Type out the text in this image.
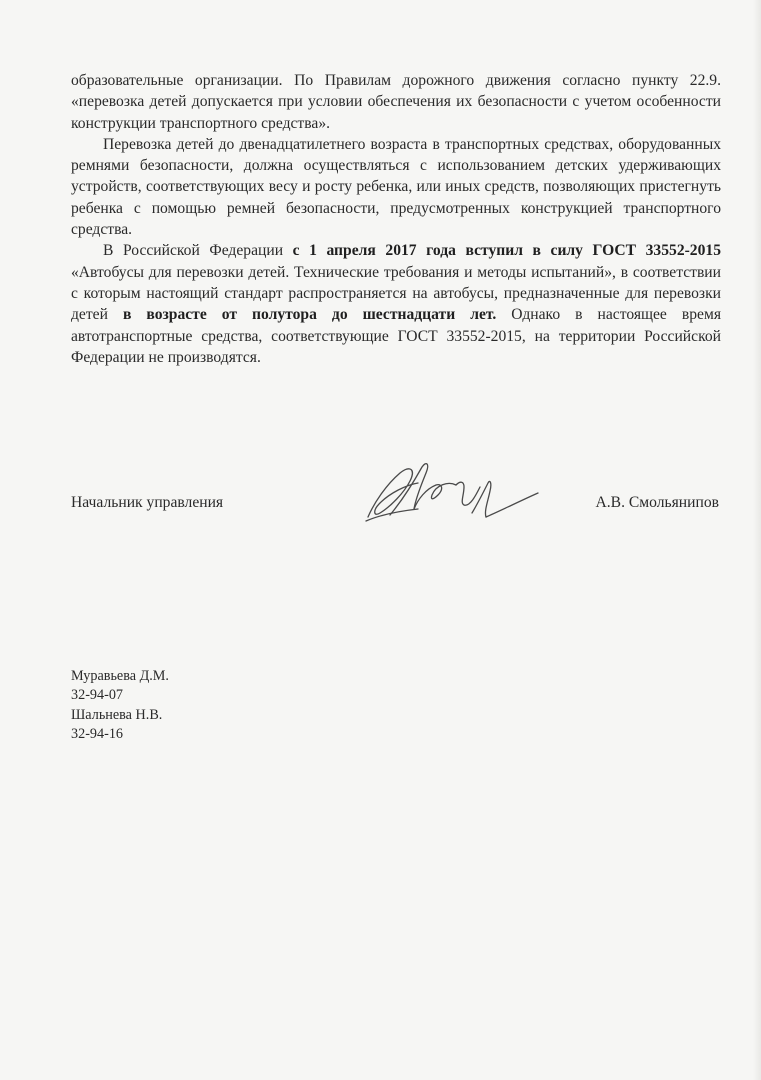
образовательные организации. По Правилам дорожного движения согласно пункту 22.9. «перевозка детей допускается при условии обеспечения их безопасности с учетом особенности конструкции транспортного средства».

Перевозка детей до двенадцатилетнего возраста в транспортных средствах, оборудованных ремнями безопасности, должна осуществляться с использованием детских удерживающих устройств, соответствующих весу и росту ребенка, или иных средств, позволяющих пристегнуть ребенка с помощью ремней безопасности, предусмотренных конструкцией транспортного средства.

В Российской Федерации с 1 апреля 2017 года вступил в силу ГОСТ 33552-2015 «Автобусы для перевозки детей. Технические требования и методы испытаний», в соответствии с которым настоящий стандарт распространяется на автобусы, предназначенные для перевозки детей в возрасте от полутора до шестнадцати лет. Однако в настоящее время автотранспортные средства, соответствующие ГОСТ 33552-2015, на территории Российской Федерации не производятся.

Начальник управления	А.В. Смольянипов
Муравьева Д.М.
32-94-07
Шальнева Н.В.
32-94-16
